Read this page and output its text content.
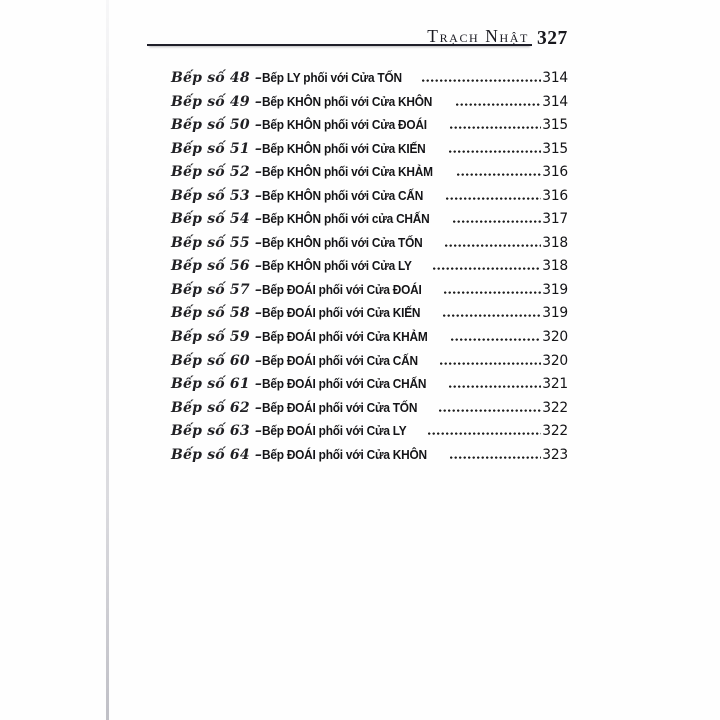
Trạch Nhật 327
Bếp số 48 – Bếp LY phối với Cửa TỐN	314
Bếp số 49 – Bếp KHÔN phối với Cửa KHÔN	314
Bếp số 50 – Bếp KHÔN phối với Cửa ĐOÁI	315
Bếp số 51 – Bếp KHÔN phối với Cửa KIẾN	315
Bếp số 52 – Bếp KHÔN phối với Cửa KHẢM	316
Bếp số 53 – Bếp KHÔN phối với Cửa CẤN	316
Bếp số 54 – Bếp KHÔN phối với cửa CHẤN	317
Bếp số 55 – Bếp KHÔN phối với Cửa TỐN	318
Bếp số 56 – Bếp KHÔN phối với Cửa LY	318
Bếp số 57 – Bếp ĐOÁI phối với Cửa ĐOÁI	319
Bếp số 58 – Bếp ĐOÁI phối với Cửa KIẾN	319
Bếp số 59 – Bếp ĐOÁI phối với Cửa KHẢM	320
Bếp số 60 – Bếp ĐOÁI phối với Cửa CẤN	320
Bếp số 61 – Bếp ĐOÁI phối với Cửa CHẤN	321
Bếp số 62 – Bếp ĐOÁI phối với Cửa TỐN	322
Bếp số 63 – Bếp ĐOÁI phối với Cửa LY	322
Bếp số 64 – Bếp ĐOÁI phối với Cửa KHÔN	323
